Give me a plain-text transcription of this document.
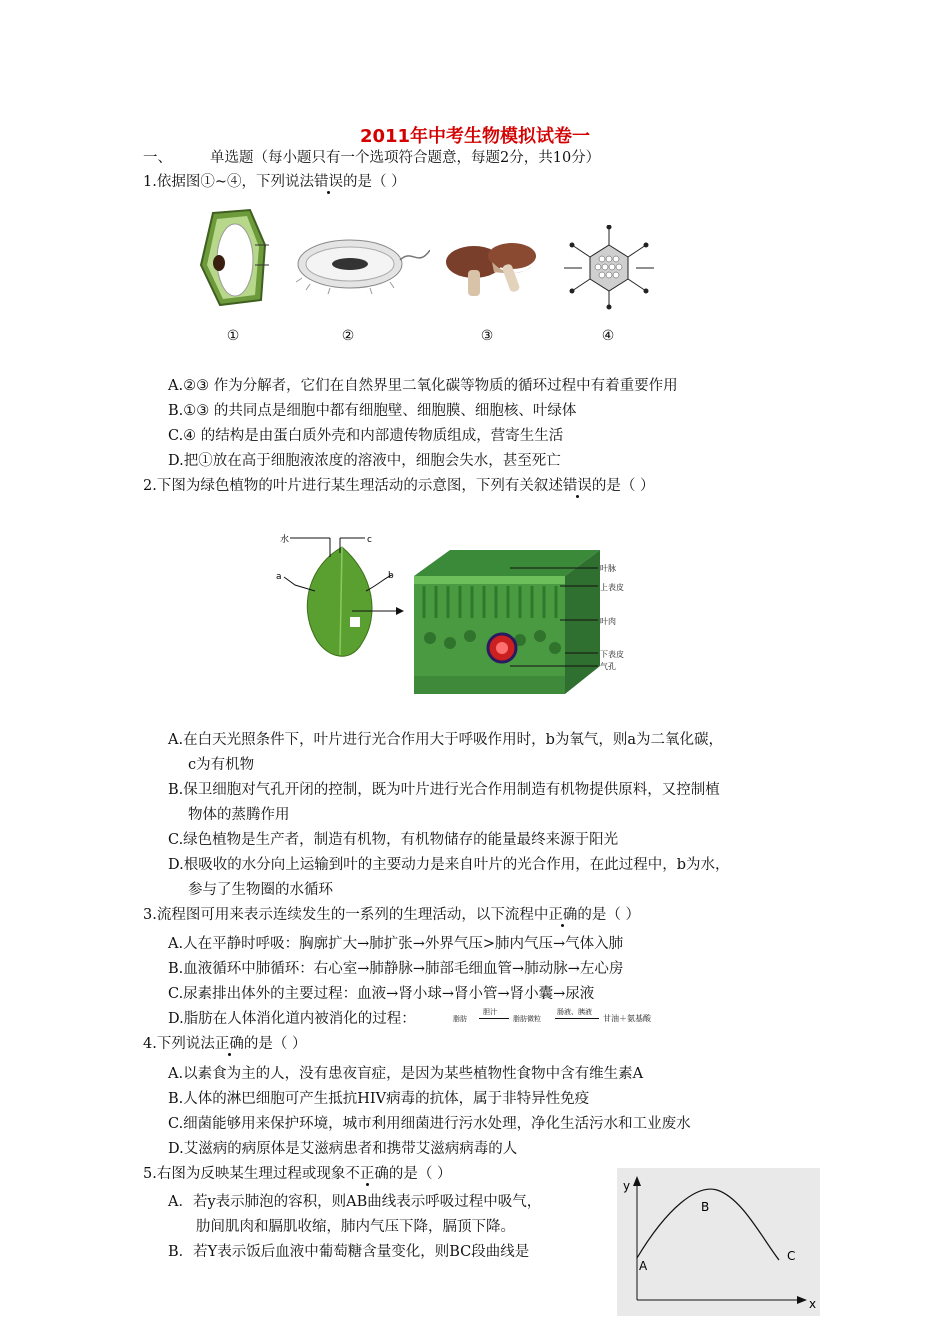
2011年中考生物模拟试卷一
一、	单选题（每小题只有一个选项符合题意，每题2分，共10分）
1.依据图①~④，下列说法错误的是（ ）
①	②	③	④
A.②③ 作为分解者，它们在自然界里二氧化碳等物质的循环过程中有着重要作用
B.①③ 的共同点是细胞中都有细胞壁、细胞膜、细胞核、叶绿体
C.④ 的结构是由蛋白质外壳和内部遗传物质组成，营寄生生活
D.把①放在高于细胞液浓度的溶液中，细胞会失水，甚至死亡
2.下图为绿色植物的叶片进行某生理活动的示意图，下列有关叙述错误的是（ ）
水	c
a	b
叶脉
上表皮
叶肉
下表皮
气孔
A.在白天光照条件下，叶片进行光合作用大于呼吸作用时，b为氧气，则a为二氧化碳，
c为有机物
B.保卫细胞对气孔开闭的控制，既为叶片进行光合作用制造有机物提供原料，又控制植
物体的蒸腾作用
C.绿色植物是生产者，制造有机物，有机物储存的能量最终来源于阳光
D.根吸收的水分向上运输到叶的主要动力是来自叶片的光合作用，在此过程中，b为水，
参与了生物圈的水循环
3.流程图可用来表示连续发生的一系列的生理活动，以下流程中正确的是（ ）
A.人在平静时呼吸：胸廓扩大→肺扩张→外界气压>肺内气压→气体入肺
B.血液循环中肺循环：右心室→肺静脉→肺部毛细血管→肺动脉→左心房
C.尿素排出体外的主要过程：血液→肾小球→肾小管→肾小囊→尿液
D.脂肪在人体消化道内被消化的过程：	脂肪
胆汁
脂肪微粒
肠液、胰液
甘油＋氨基酸
4.下列说法正确的是（ ）
A.以素食为主的人，没有患夜盲症，是因为某些植物性食物中含有维生素A
B.人体的淋巴细胞可产生抵抗HIV病毒的抗体，属于非特异性免疫
C.细菌能够用来保护环境，城市利用细菌进行污水处理，净化生活污水和工业废水
D.艾滋病的病原体是艾滋病患者和携带艾滋病病毒的人
5.右图为反映某生理过程或现象不正确的是（ ）
A．若y表示肺泡的容积，则AB曲线表示呼吸过程中吸气，
肋间肌肉和膈肌收缩，肺内气压下降，膈顶下降。
B．若Y表示饭后血液中葡萄糖含量变化，则BC段曲线是
y
x
A
B
C
